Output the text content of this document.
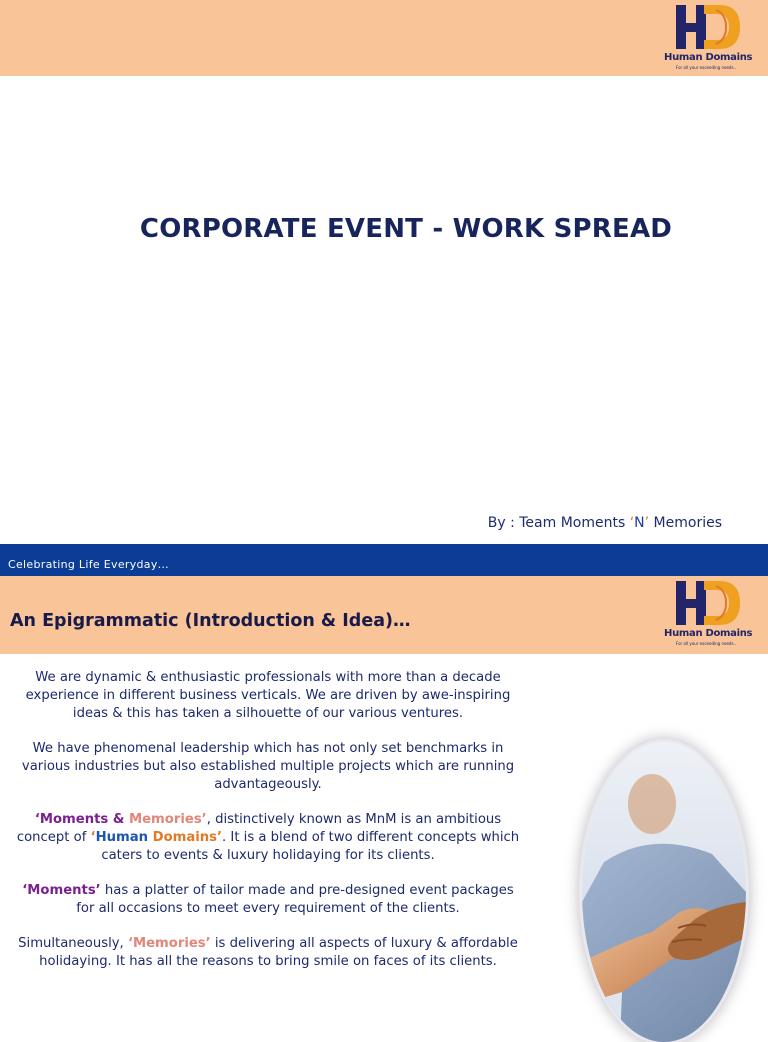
Human Domains
For all your exceeding needs..
CORPORATE EVENT - WORK SPREAD
By : Team Moments ‘N’ Memories
Celebrating Life Everyday…
Human Domains
For all your exceeding needs..
An Epigrammatic (Introduction & Idea)…

We are dynamic & enthusiastic professionals with more than a decade experience in different business verticals. We are driven by awe-inspiring ideas & this has taken a silhouette of our various ventures.

We have phenomenal leadership which has not only set benchmarks in various industries but also established multiple projects which are running advantageously.

‘Moments & Memories’, distinctively known as MnM is an ambitious concept of ‘Human Domains’. It is a blend of two different concepts which caters to events & luxury holidaying for its clients.

‘Moments’ has a platter of tailor made and pre-designed event packages for all occasions to meet every requirement of the clients.

Simultaneously, ‘Memories’ is delivering all aspects of luxury & affordable holidaying. It has all the reasons to bring smile on faces of its clients.
